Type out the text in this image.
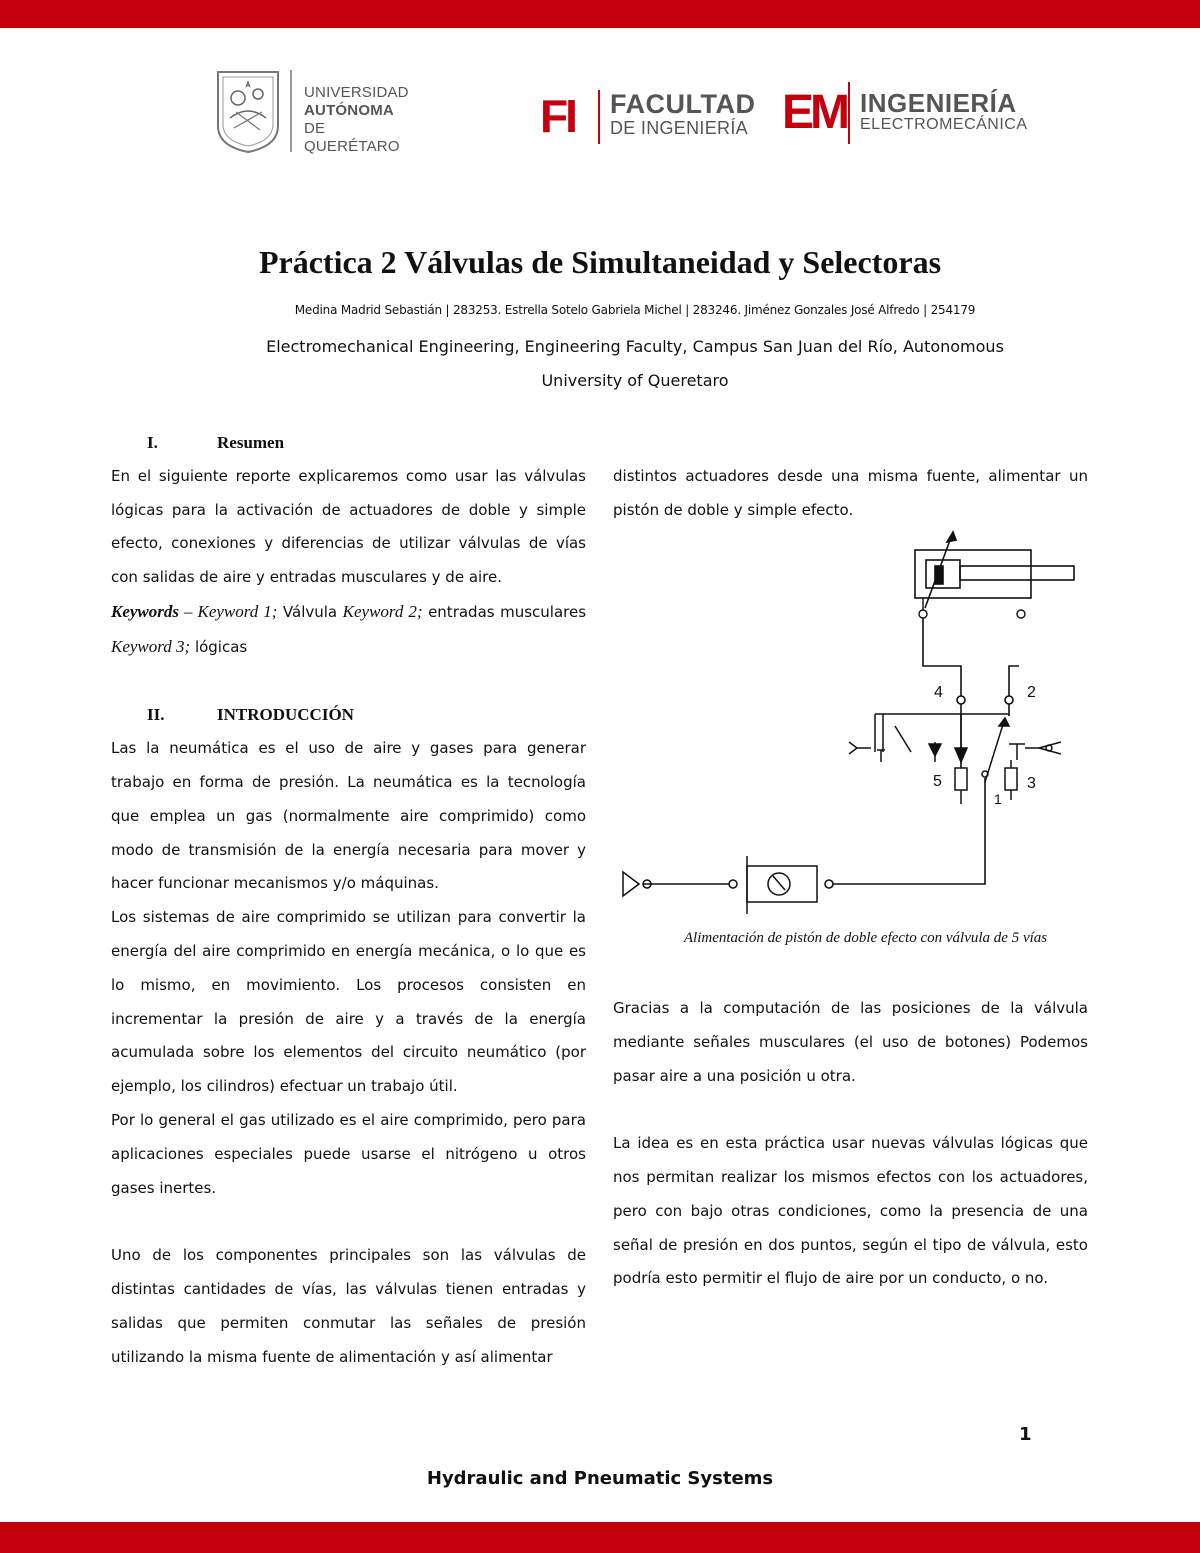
UNIVERSIDAD
AUTÓNOMA
DE QUERÉTARO
FI FACULTAD
DE INGENIERÍA EM INGENIERÍA
ELECTROMECÁNICA
Práctica 2 Válvulas de Simultaneidad y Selectoras
Medina Madrid Sebastián | 283253. Estrella Sotelo Gabriela Michel | 283246. Jiménez Gonzales José Alfredo | 254179
Electromechanical Engineering, Engineering Faculty, Campus San Juan del Río, Autonomous
University of Queretaro
I.	Resumen

En el siguiente reporte explicaremos como usar las válvulas lógicas para la activación de actuadores de doble y simple efecto, conexiones y diferencias de utilizar válvulas de vías con salidas de aire y entradas musculares y de aire.

Keywords – Keyword 1; Válvula Keyword 2; entradas musculares Keyword 3; lógicas

II.	INTRODUCCIÓN

Las la neumática es el uso de aire y gases para generar trabajo en forma de presión. La neumática es la tecnología que emplea un gas (normalmente aire comprimido) como modo de transmisión de la energía necesaria para mover y hacer funcionar mecanismos y/o máquinas.

Los sistemas de aire comprimido se utilizan para convertir la energía del aire comprimido en energía mecánica, o lo que es lo mismo, en movimiento. Los procesos consisten en incrementar la presión de aire y a través de la energía acumulada sobre los elementos del circuito neumático (por ejemplo, los cilindros) efectuar un trabajo útil.

Por lo general el gas utilizado es el aire comprimido, pero para aplicaciones especiales puede usarse el nitrógeno u otros gases inertes.

Uno de los componentes principales son las válvulas de distintas cantidades de vías, las válvulas tienen entradas y salidas que permiten conmutar las señales de presión utilizando la misma fuente de alimentación y así alimentar

distintos actuadores desde una misma fuente, alimentar un pistón de doble y simple efecto.

4	2
5	3
1
Alimentación de pistón de doble efecto con válvula de 5 vías

Gracias a la computación de las posiciones de la válvula mediante señales musculares (el uso de botones) Podemos pasar aire a una posición u otra.

La idea es en esta práctica usar nuevas válvulas lógicas que nos permitan realizar los mismos efectos con los actuadores, pero con bajo otras condiciones, como la presencia de una señal de presión en dos puntos, según el tipo de válvula, esto podría esto permitir el flujo de aire por un conducto, o no.

1
Hydraulic and Pneumatic Systems
